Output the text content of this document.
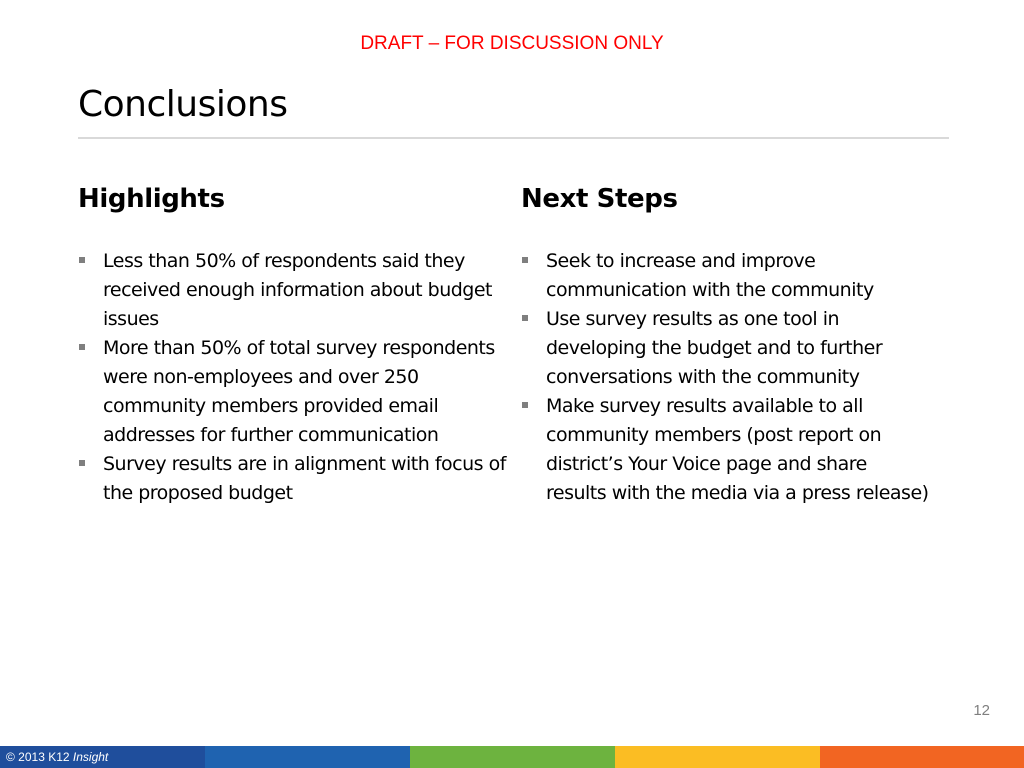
DRAFT – FOR DISCUSSION ONLY
Conclusions
Highlights
Less than 50% of respondents said they received enough information about budget issues
More than 50% of total survey respondents were non-employees and over 250 community members provided email addresses for further communication
Survey results are in alignment with focus of the proposed budget
Next Steps
Seek to increase and improve communication with the community
Use survey results as one tool in developing the budget and to further conversations with the community
Make survey results available to all community members (post report on district’s Your Voice page and share results with the media via a press release)
12
© 2013 K12 Insight
